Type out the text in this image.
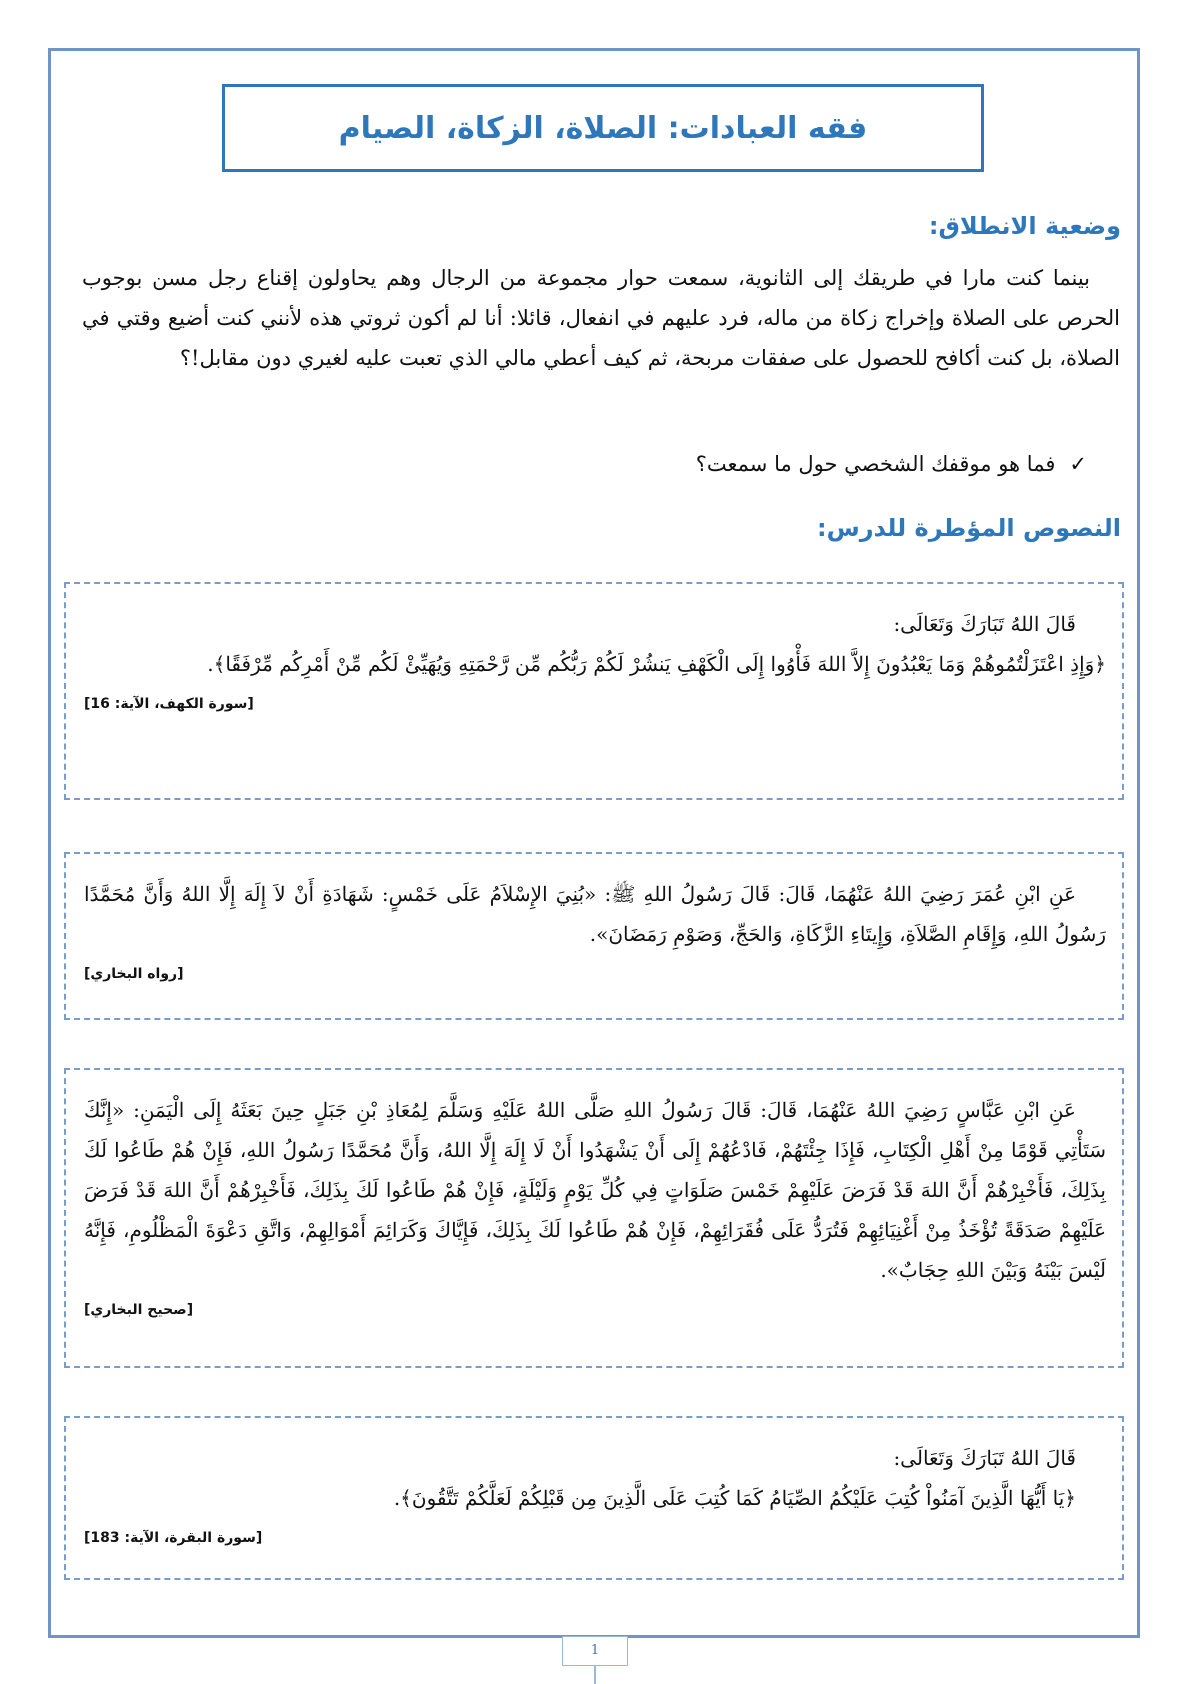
فقه العبادات: الصلاة، الزكاة، الصيام
وضعية الانطلاق:

بينما كنت مارا في طريقك إلى الثانوية، سمعت حوار مجموعة من الرجال وهم يحاولون إقناع رجل مسن بوجوب الحرص على الصلاة وإخراج زكاة من ماله، فرد عليهم في انفعال، قائلا: أنا لم أكون ثروتي هذه لأنني كنت أضيع وقتي في الصلاة، بل كنت أكافح للحصول على صفقات مربحة، ثم كيف أعطي مالي الذي تعبت عليه لغيري دون مقابل!؟

✓فما هو موقفك الشخصي حول ما سمعت؟

النصوص المؤطرة للدرس:

قَالَ اللهُ تَبَارَكَ وَتَعَالَى:

﴿وَإِذِ اعْتَزَلْتُمُوهُمْ وَمَا يَعْبُدُونَ إِلاَّ اللهَ فَأْوُوا إِلَى الْكَهْفِ يَنشُرْ لَكُمْ رَبُّكُم مِّن رَّحْمَتِهِ وَيُهَيِّئْ لَكُم مِّنْ أَمْرِكُم مِّرْفَقًا﴾.

[سورة الكهف، الآية: 16]

عَنِ ابْنِ عُمَرَ رَضِيَ اللهُ عَنْهُمَا، قَالَ: قَالَ رَسُولُ اللهِ ﷺ: «بُنِيَ الإِسْلاَمُ عَلَى خَمْسٍ: شَهَادَةِ أَنْ لاَ إِلَهَ إِلَّا اللهُ وَأَنَّ مُحَمَّدًا رَسُولُ اللهِ، وَإِقَامِ الصَّلاَةِ، وَإِيتَاءِ الزَّكَاةِ، وَالحَجِّ، وَصَوْمِ رَمَضَانَ».

[رواه البخاري]

عَنِ ابْنِ عَبَّاسٍ رَضِيَ اللهُ عَنْهُمَا، قَالَ: قَالَ رَسُولُ اللهِ صَلَّى اللهُ عَلَيْهِ وَسَلَّمَ لِمُعَاذِ بْنِ جَبَلٍ حِينَ بَعَثَهُ إِلَى الْيَمَنِ: «إِنَّكَ سَتَأْتِي قَوْمًا مِنْ أَهْلِ الْكِتَابِ، فَإِذَا جِئْتَهُمْ، فَادْعُهُمْ إِلَى أَنْ يَشْهَدُوا أَنْ لَا إِلَهَ إِلَّا اللهُ، وَأَنَّ مُحَمَّدًا رَسُولُ اللهِ، فَإِنْ هُمْ طَاعُوا لَكَ بِذَلِكَ، فَأَخْبِرْهُمْ أَنَّ اللهَ قَدْ فَرَضَ عَلَيْهِمْ خَمْسَ صَلَوَاتٍ فِي كُلِّ يَوْمٍ وَلَيْلَةٍ، فَإِنْ هُمْ طَاعُوا لَكَ بِذَلِكَ، فَأَخْبِرْهُمْ أَنَّ اللهَ قَدْ فَرَضَ عَلَيْهِمْ صَدَقَةً تُؤْخَذُ مِنْ أَغْنِيَائِهِمْ فَتُرَدُّ عَلَى فُقَرَائِهِمْ، فَإِنْ هُمْ طَاعُوا لَكَ بِذَلِكَ، فَإِيَّاكَ وَكَرَائِمَ أَمْوَالِهِمْ، وَاتَّقِ دَعْوَةَ الْمَظْلُومِ، فَإِنَّهُ لَيْسَ بَيْنَهُ وَبَيْنَ اللهِ حِجَابٌ».

[صحيح البخاري]

قَالَ اللهُ تَبَارَكَ وَتَعَالَى:

﴿يَا أَيُّهَا الَّذِينَ آمَنُواْ كُتِبَ عَلَيْكُمُ الصِّيَامُ كَمَا كُتِبَ عَلَى الَّذِينَ مِن قَبْلِكُمْ لَعَلَّكُمْ تَتَّقُونَ﴾.

[سورة البقرة، الآية: 183]

1
